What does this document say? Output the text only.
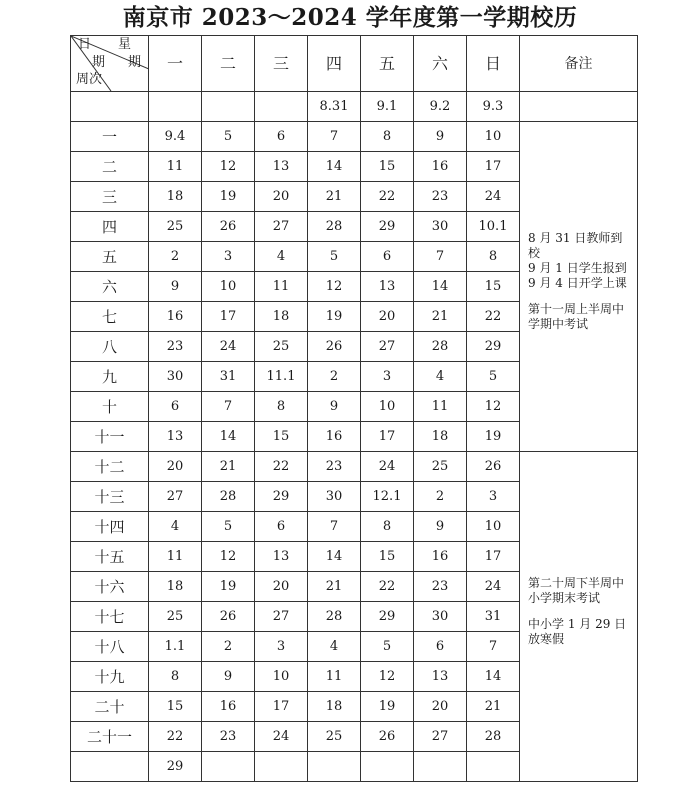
南京市 2023～2024 学年度第一学期校历
日 星
期 期
周次	一	二	三	四	五	六	日	备注
				8.31	9.1	9.2	9.3	
一	9.4	5	6	7	8	9	10	8 月 31 日教师到校
9 月 1 日学生报到
9 月 4 日开学上课
第十一周上半周中
学期中考试

二	11	12	13	14	15	16	17	
三	18	19	20	21	22	23	24	
四	25	26	27	28	29	30	10.1	
五	2	3	4	5	6	7	8	
六	9	10	11	12	13	14	15	
七	16	17	18	19	20	21	22	
八	23	24	25	26	27	28	29	
九	30	31	11.1	2	3	4	5	
十	6	7	8	9	10	11	12	
十一	13	14	15	16	17	18	19	
十二	20	21	22	23	24	25	26	第二十周下半周中
小学期末考试
中小学 1 月 29 日
放寒假

十三	27	28	29	30	12.1	2	3	
十四	4	5	6	7	8	9	10	
十五	11	12	13	14	15	16	17	
十六	18	19	20	21	22	23	24	
十七	25	26	27	28	29	30	31	
十八	1.1	2	3	4	5	6	7	
十九	8	9	10	11	12	13	14	
二十	15	16	17	18	19	20	21	
二十一	22	23	24	25	26	27	28	
	29							
